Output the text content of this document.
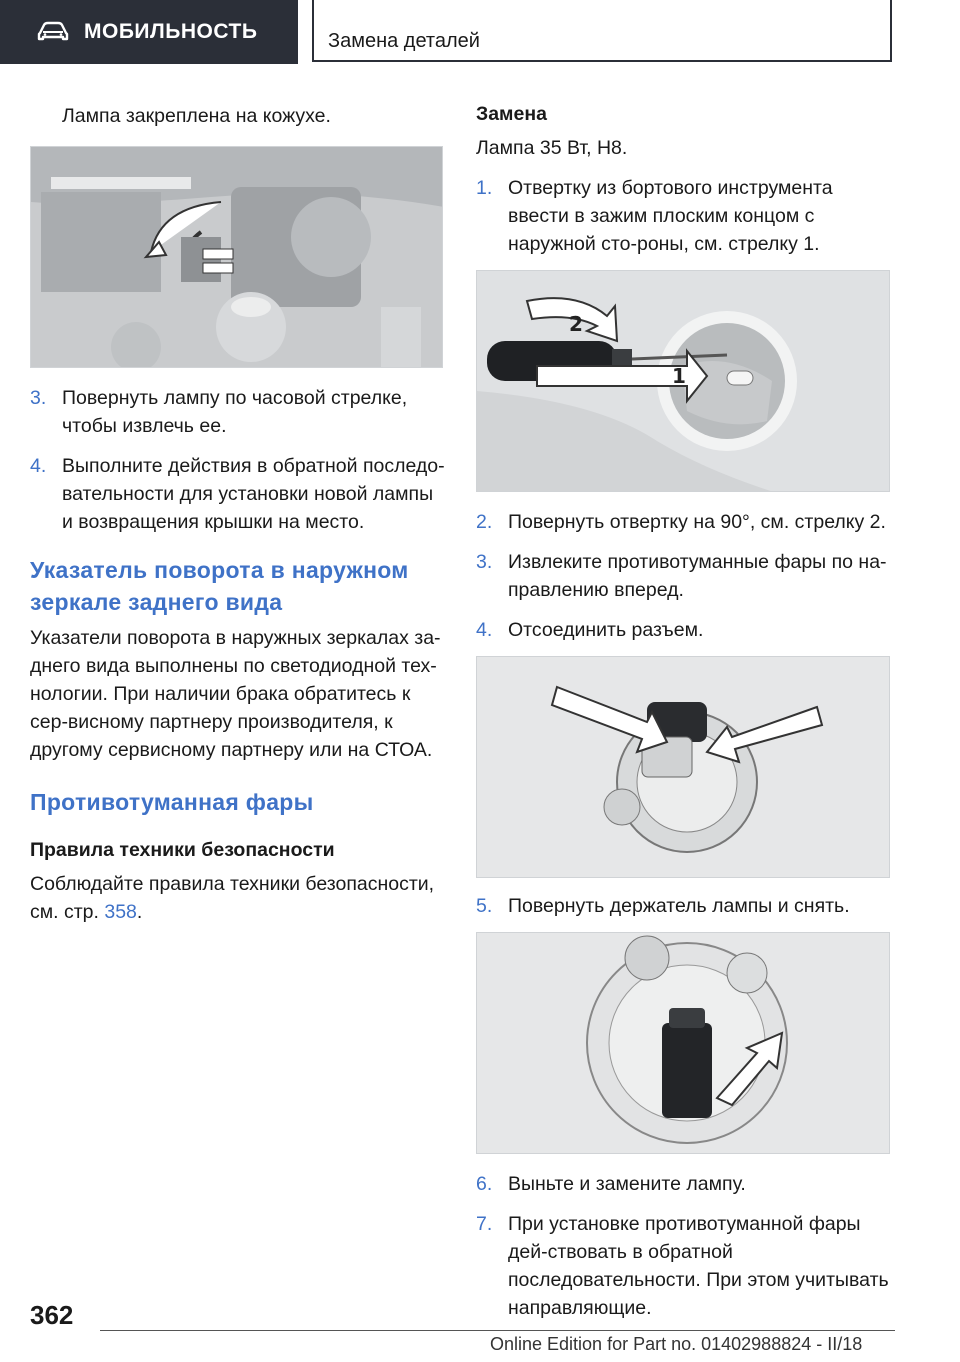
МОБИЛЬНОСТЬ	Замена деталей

Лампа закреплена на кожухе.

3. Повернуть лампу по часовой стрелке, чтобы извлечь ее.
4. Выполните действия в обратной последо-вательности для установки новой лампы и возвращения крышки на место.
Указатель поворота в наружном зеркале заднего вида

Указатели поворота в наружных зеркалах за-днего вида выполнены по светодиодной тех-нологии. При наличии брака обратитесь к сер-висному партнеру производителя, к другому сервисному партнеру или на СТОА.

Противотуманная фары
Правила техники безопасности

Соблюдайте правила техники безопасности, см. стр. 358.

Замена

Лампа 35 Вт, H8.

1. Отвертку из бортового инструмента ввести в зажим плоским концом с наружной сто-роны, см. стрелку 1.
1
2
2. Повернуть отвертку на 90°, см. стрелку 2.
3. Извлеките противотуманные фары по на-правлению вперед.
4. Отсоединить разъем.
5. Повернуть держатель лампы и снять.
6. Выньте и замените лампу.
7. При установке противотуманной фары дей-ствовать в обратной последовательности. При этом учитывать направляющие.
362
Online Edition for Part no. 01402988824 - II/18
